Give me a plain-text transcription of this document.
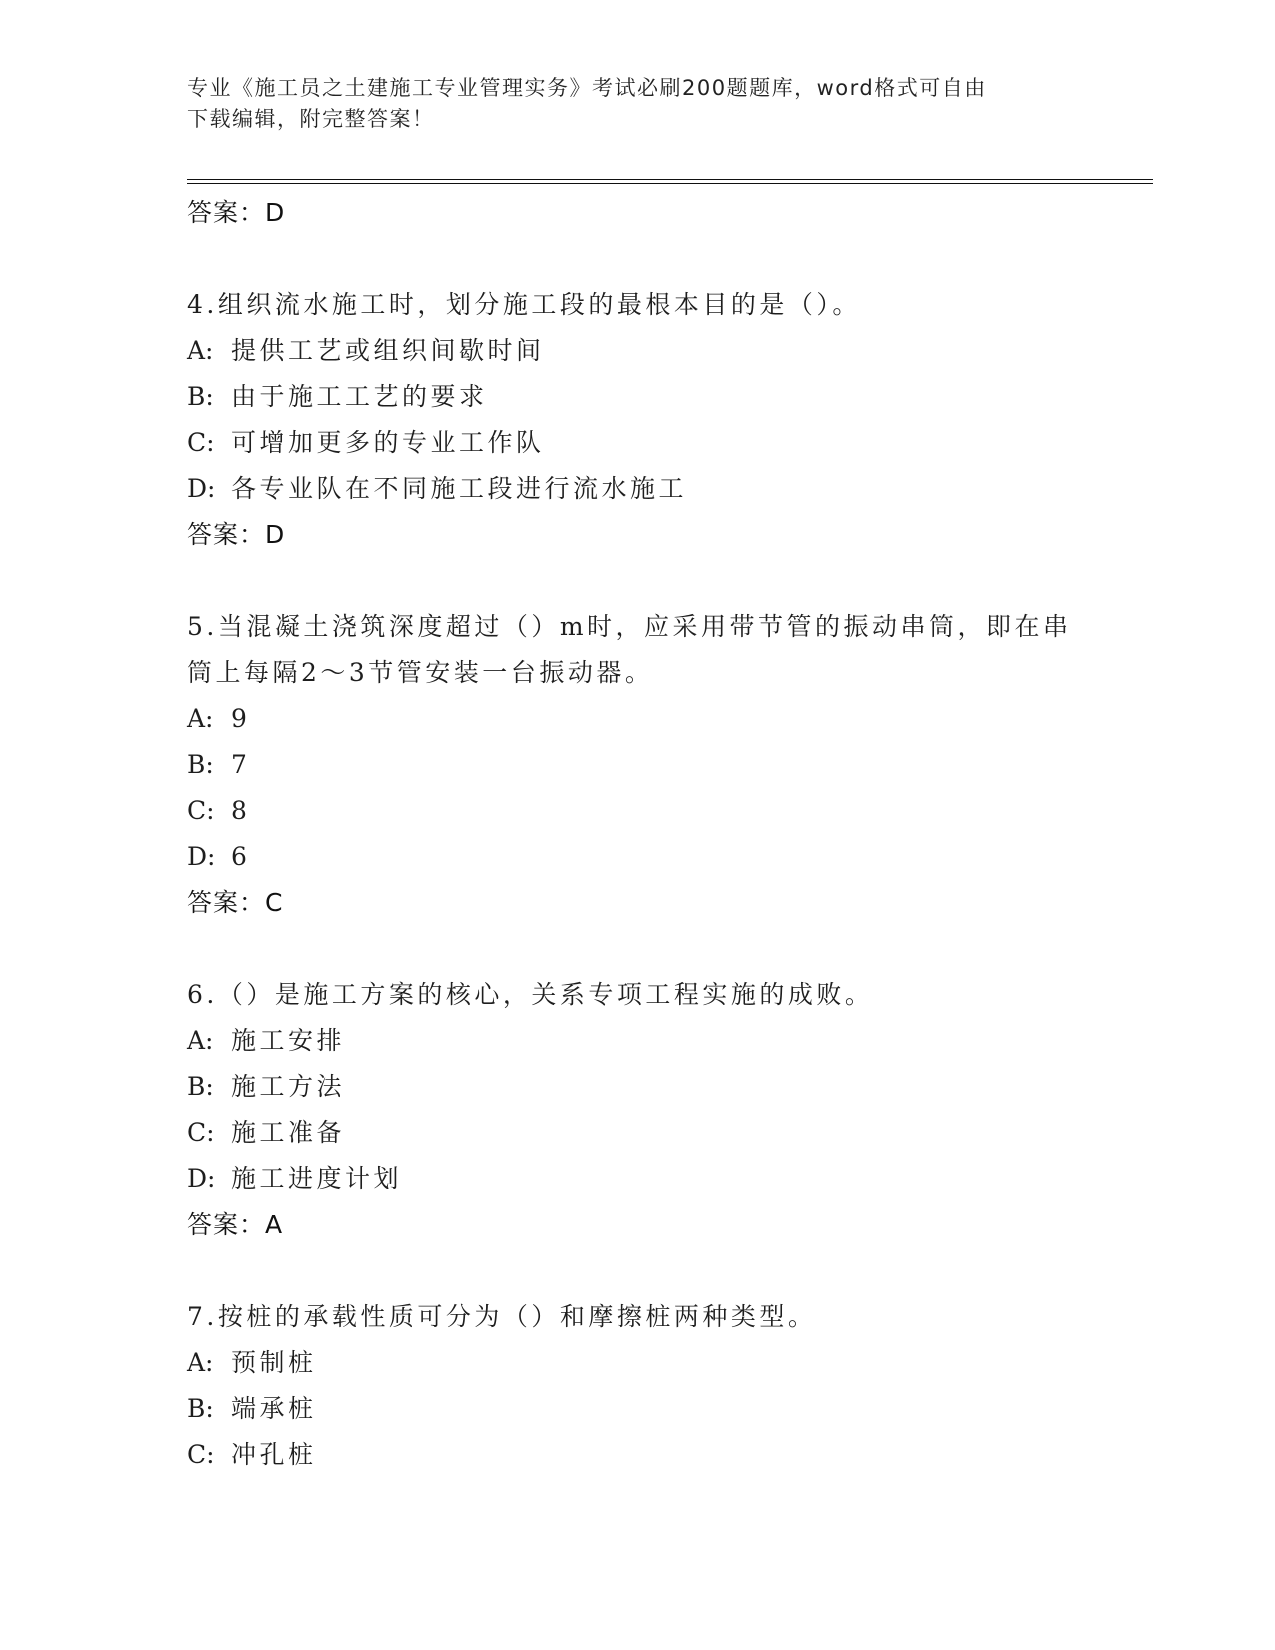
专业《施工员之土建施工专业管理实务》考试必刷200题题库，word格式可自由
下载编辑，附完整答案！
答案：D
4.组织流水施工时，划分施工段的最根本目的是（）。
A: 提供工艺或组织间歇时间
B: 由于施工工艺的要求
C: 可增加更多的专业工作队
D: 各专业队在不同施工段进行流水施工
答案：D
5.当混凝土浇筑深度超过（）m时，应采用带节管的振动串筒，即在串
筒上每隔2～3节管安装一台振动器。
A: 9
B: 7
C: 8
D: 6
答案：C
6.（）是施工方案的核心，关系专项工程实施的成败。
A: 施工安排
B: 施工方法
C: 施工准备
D: 施工进度计划
答案：A
7.按桩的承载性质可分为（）和摩擦桩两种类型。
A: 预制桩
B: 端承桩
C: 冲孔桩
